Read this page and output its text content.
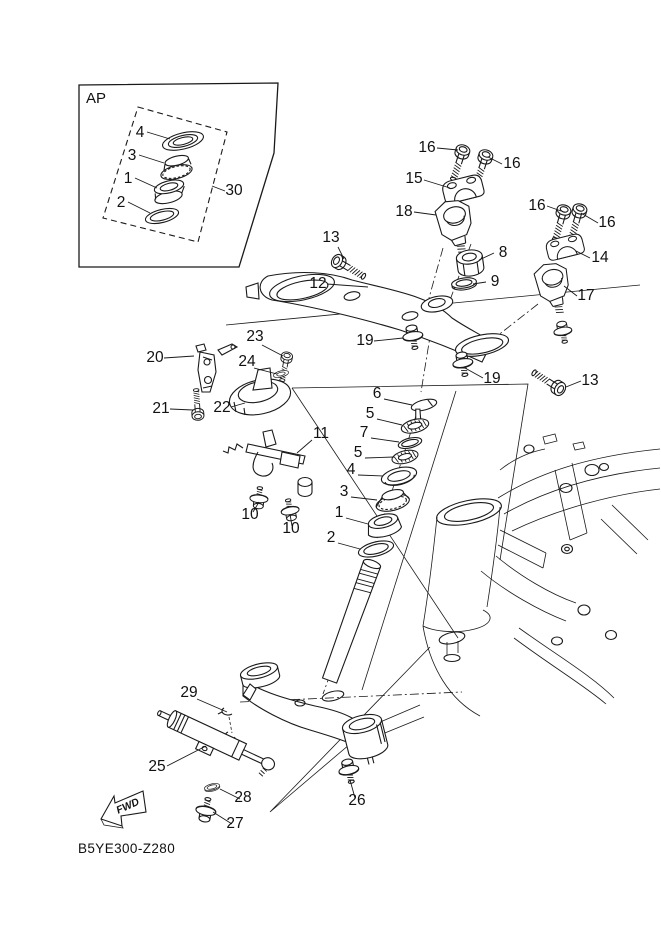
AP
4
3
1
2
30
16
16
15
18	16
16
14
17
8
9
13
12
19
19	13
20
23
24
21	22
11
10
10
6
5
7
5
4
3
1
2
29
25
28
27
26
FWD
B5YE300-Z280
